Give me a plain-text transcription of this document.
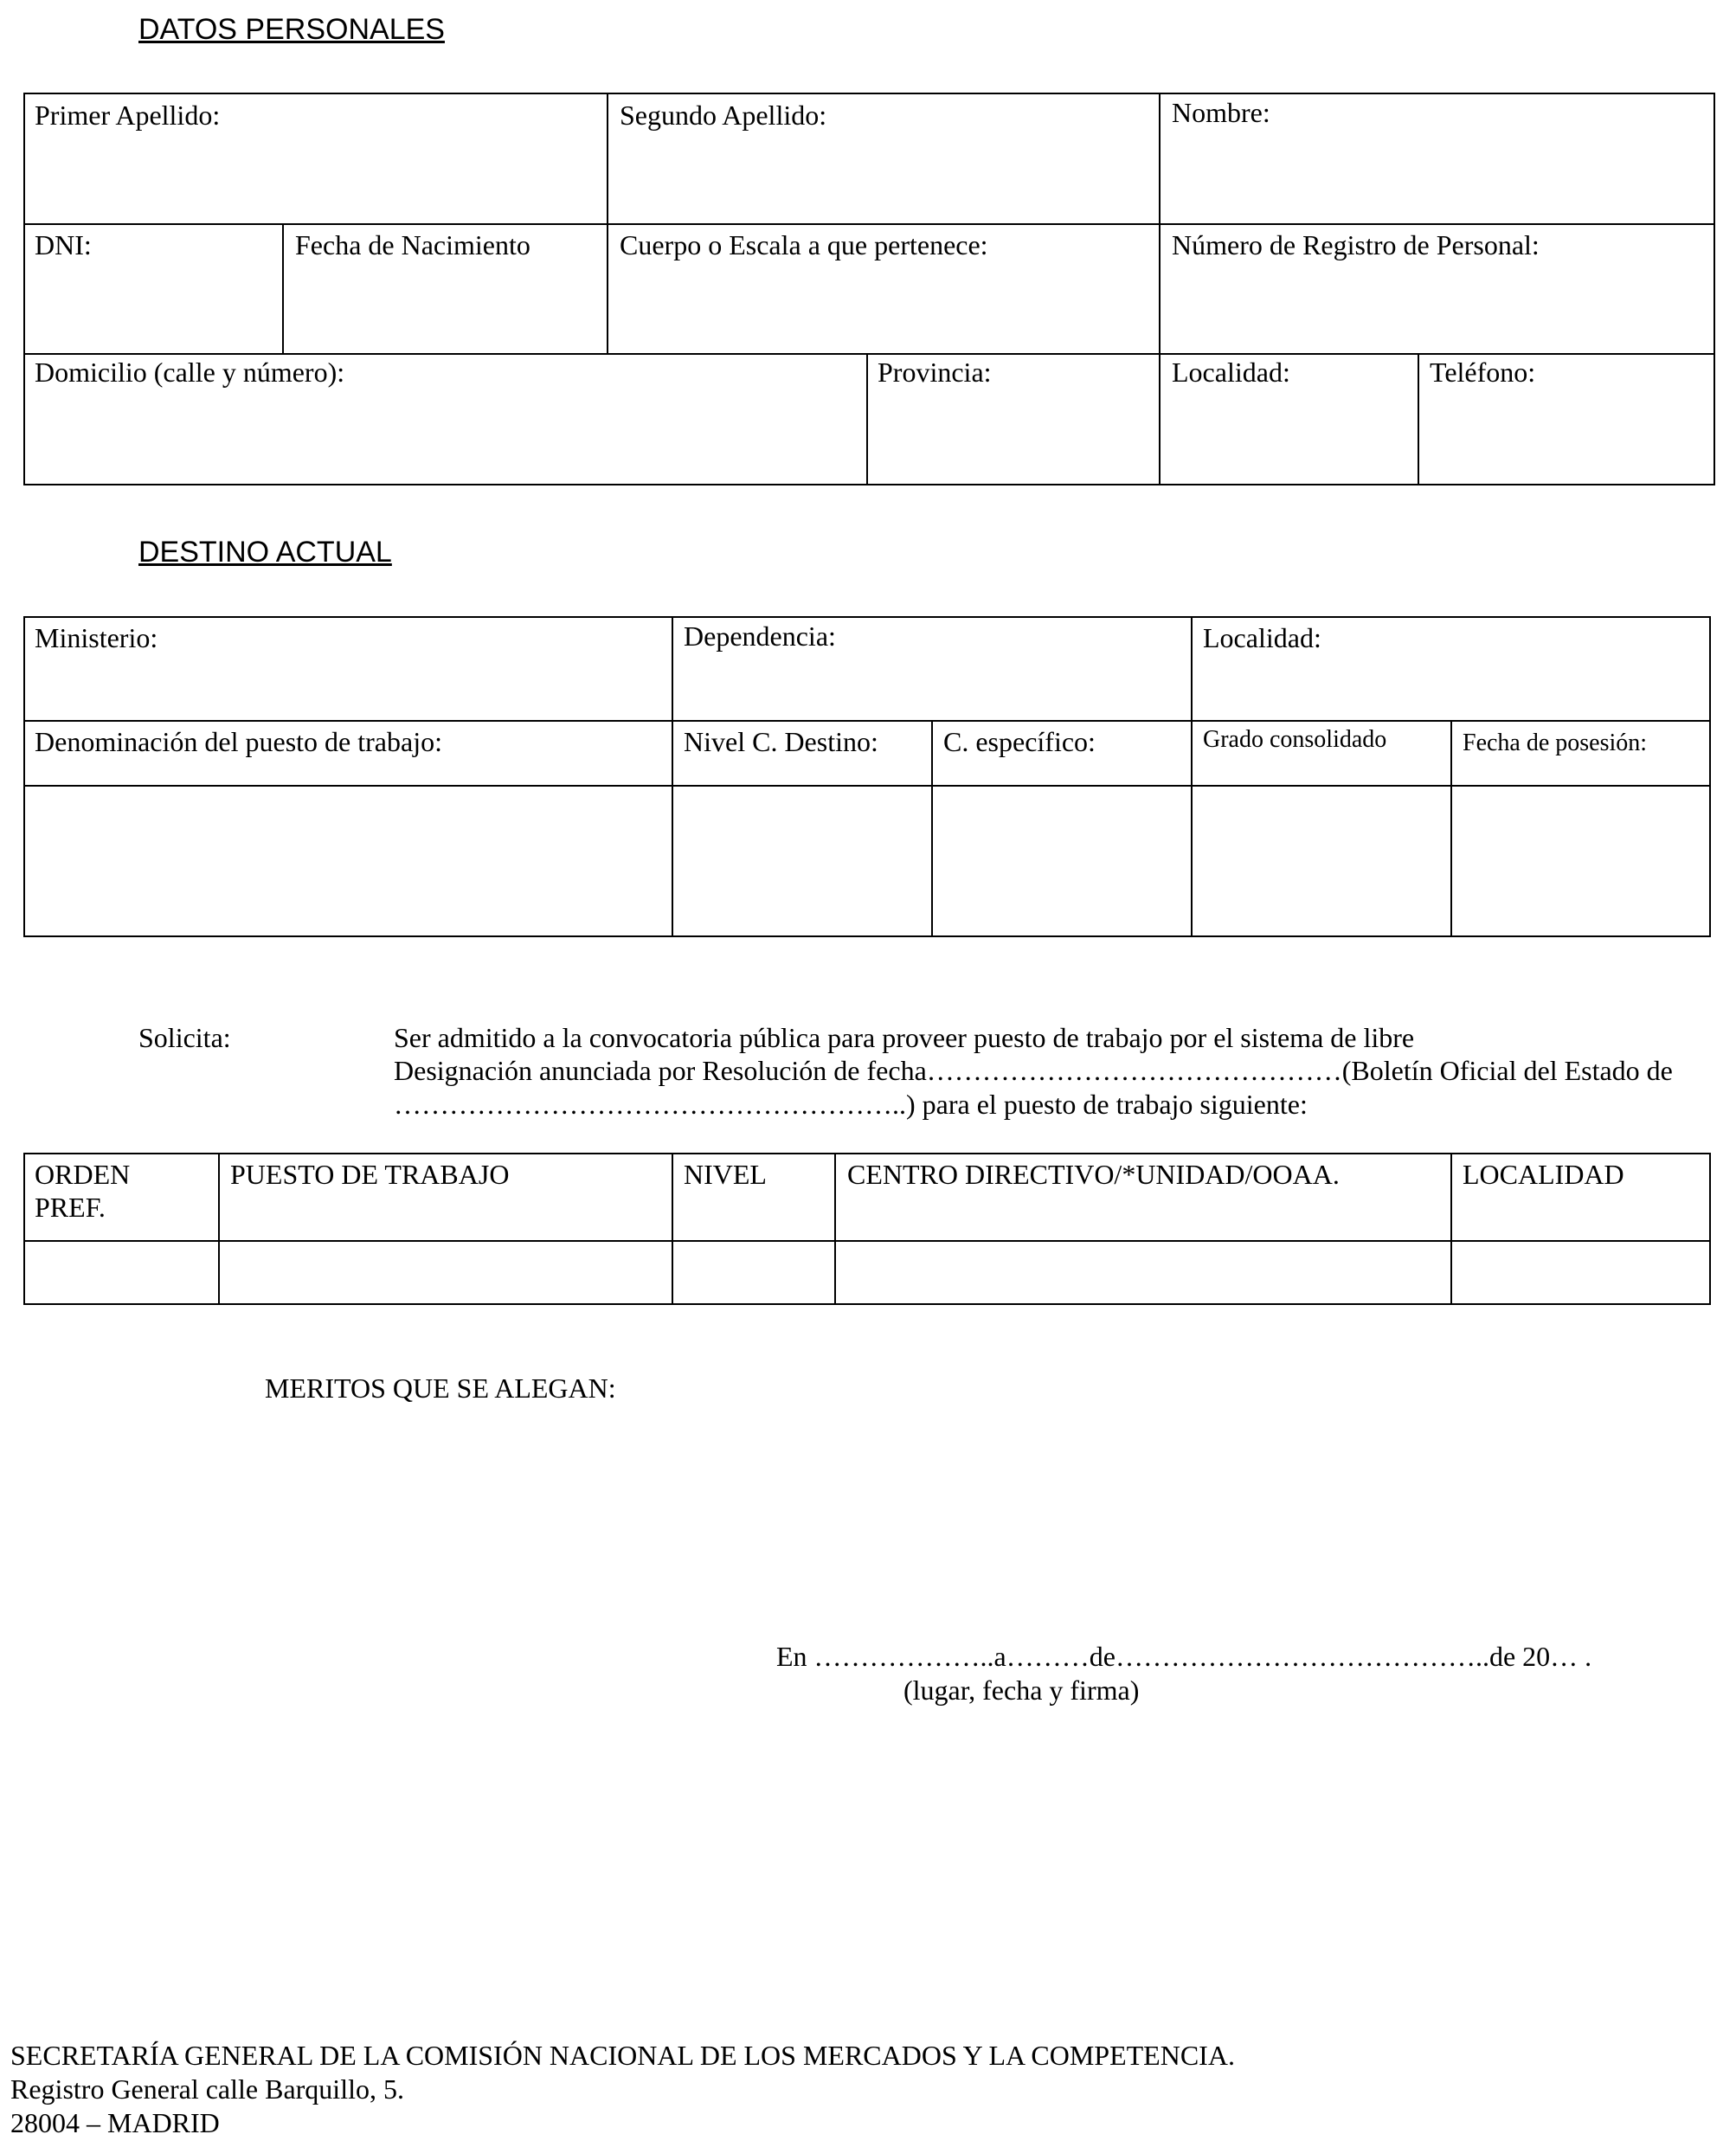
DATOS PERSONALES
Primer Apellido:	Segundo Apellido:	Nombre:
DNI:	Fecha de Nacimiento	Cuerpo o Escala a que pertenece:	Número de Registro de Personal:
Domicilio (calle y número):	Provincia:	Localidad:	Teléfono:
DESTINO ACTUAL
Ministerio:	Dependencia:	Localidad:
Denominación del puesto de trabajo:	Nivel C. Destino: C. específico:	Grado consolidado	Fecha de posesión:
Solicita:	Ser admitido a la convocatoria pública para proveer puesto de trabajo por el sistema de libre
Designación anunciada por Resolución de fecha………………………………………(Boletín Oficial del Estado de
………………………………………………..) para el puesto de trabajo siguiente:
ORDEN
PREF.
PUESTO DE TRABAJO	NIVEL	CENTRO DIRECTIVO/*UNIDAD/OOAA.	LOCALIDAD
MERITOS QUE SE ALEGAN:
En ………………..a………de…………………………………..de 20… .
(lugar, fecha y firma)
SECRETARÍA GENERAL DE LA COMISIÓN NACIONAL DE LOS MERCADOS Y LA COMPETENCIA.
Registro General calle Barquillo, 5.
28004 – MADRID
